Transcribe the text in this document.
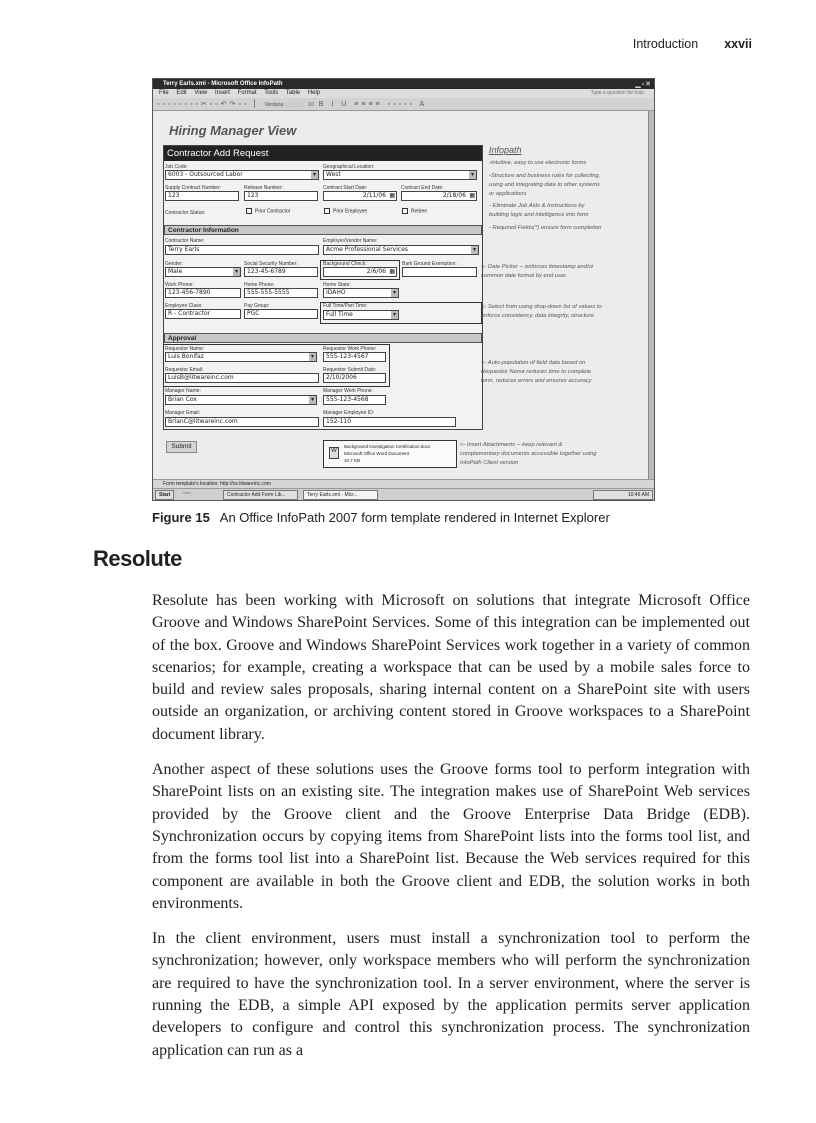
Introduction xxvii
Terry Earls.xml - Microsoft Office InfoPath	▁▫✕
File Edit View Insert Format Tools Table Help	Type a question for help
▫▫▫▫▫▫▫▫✂▫▫↶↷▫▫ ▏ Verdana	10 B I U ≡≡≡≡ ▫▫▫▫▫ A
Hiring Manager View
Contractor Add Request
Job Code:
6003 - Outsourced Labor ▾
Geographical Location:
West ▾
Supply Contract Number:
123
Release Number:
123
Contract Start Date:
2/11/06 ▦
Contract End Date:
2/18/06 ▦
Contractor Status:	Prior Contractor	Prior Employee	Retiree
Contractor Information
Contractor Name:
Terry Earls
Employer/Vendor Name:
Acme Professional Services ▾
Gender:
Male ▾
Social Security Number:
123-45-6789
Background Check:
2/6/06 ▦
Bark Ground Exemption:
Work Phone:
123-456-7890
Home Phone:
555-555-5555
Home State:
IDAHO ▾
Employee Class:
R - Contractor
Pay Group:
PGC
Full Time/Part Time:
Full Time ▾
Approval
Requestor Name:
Luis Bonifaz ▾
Requestor Work Phone:
555-123-4567
Requestor Email:
LuisB@litwareinc.com
Requestor Submit Date:
2/10/2006
Manager Name:
Brian Cox ▾
Manager Work Phone:
555-123-4568
Manager Email:
BrianC@litwareinc.com
Manager Employee ID:
152-110
Submit
W
Background Investigation Certification.docx
Microsoft Office Word Document
10.7 KB
Infopath
-Intuitive, easy to use electronic forms
-Structure and business rules for collecting,
using and integrating data to other systems
or applications
- Eliminate Job Aids & Instructions by
building logic and intelligence into form
- Required Fields(*) ensure form completion
<- Date Picker -- enforces timestamp and/or
common date format by end user.
<- Select from using drop-down list of values to
enforce consistency, data integrity, structure.
<- Auto-population of field data based on
Requestor Name reduces time to complete
form, reduces errors and ensures accuracy
<- Insert Attachments -- keep relevant &
complementary documents accessible together using
InfoPath Client version
Form template's location: http://os.litwareinc.com
Start	▫▫▫	Contractor Add Form Lib...	Terry Earls.xml - Micr...	10:46 AM
Figure 15 An Office InfoPath 2007 form template rendered in Internet Explorer
Resolute

Resolute has been working with Microsoft on solutions that integrate Microsoft Office Groove and Windows SharePoint Services. Some of this integration can be implemented out of the box. Groove and Windows SharePoint Services work together in a variety of common scenarios; for example, creating a workspace that can be used by a mobile sales force to build and review sales proposals, sharing internal content on a SharePoint site with users outside an organization, or archiving content stored in Groove workspaces to a SharePoint document library.

Another aspect of these solutions uses the Groove forms tool to perform integration with SharePoint lists on an existing site. The integration makes use of SharePoint Web services provided by the Groove client and the Groove Enterprise Data Bridge (EDB). Synchronization occurs by copying items from SharePoint lists into the forms tool list, and from the forms tool list into a SharePoint list. Because the Web services required for this component are available in both the Groove client and EDB, the solution works in both environments.

In the client environment, users must install a synchronization tool to perform the synchronization; however, only workspace members who will perform the synchronization are required to have the synchronization tool. In a server environment, where the server is running the EDB, a simple API exposed by the application permits server application developers to configure and control this synchronization process. The synchronization application can run as a
